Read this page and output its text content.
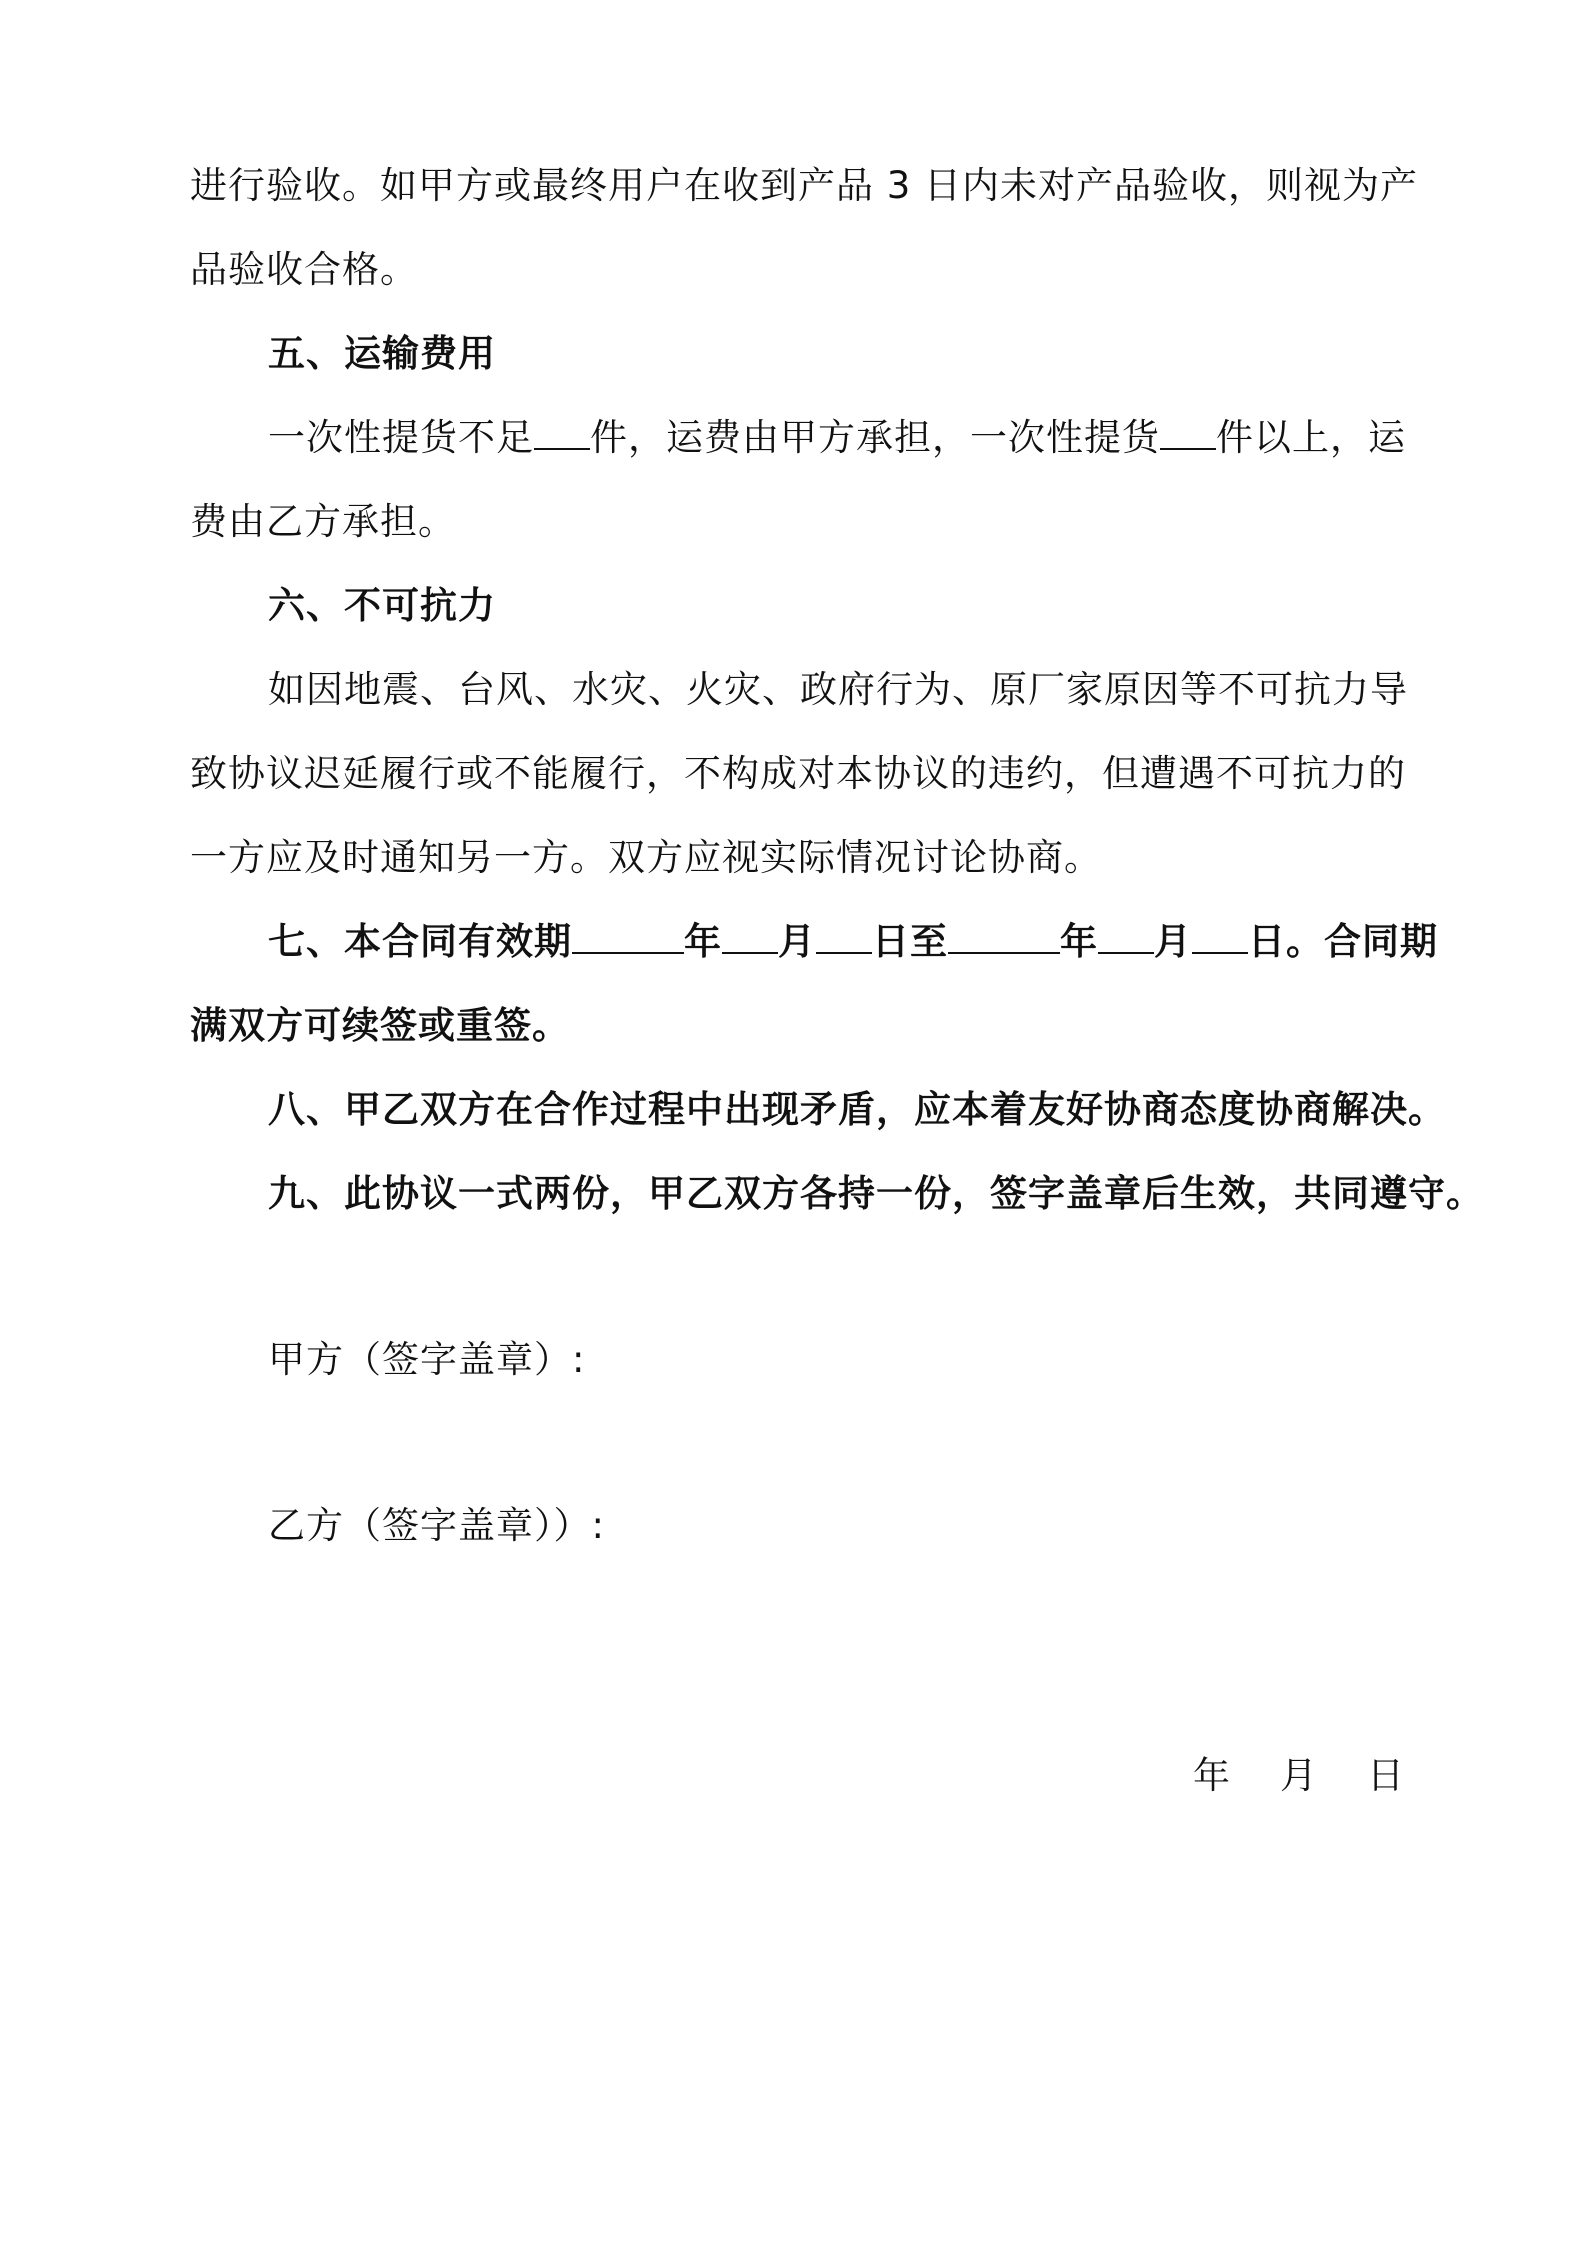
进行验收。如甲方或最终用户在收到产品 3 日内未对产品验收，则视为产
品验收合格。
五、运输费用
一次性提货不足 件，运费由甲方承担，一次性提货 件以上，运
费由乙方承担。
六、不可抗力
如因地震、台风、水灾、火灾、政府行为、原厂家原因等不可抗力导
致协议迟延履行或不能履行，不构成对本协议的违约，但遭遇不可抗力的
一方应及时通知另一方。双方应视实际情况讨论协商。
七、本合同有效期	年 月 日至	年 月 日。合同期
满双方可续签或重签。
八、甲乙双方在合作过程中出现矛盾，应本着友好协商态度协商解决。
九、此协议一式两份，甲乙双方各持一份，签字盖章后生效，共同遵守。
甲方（签字盖章）:
乙方（签字盖章））:
年 月 日
